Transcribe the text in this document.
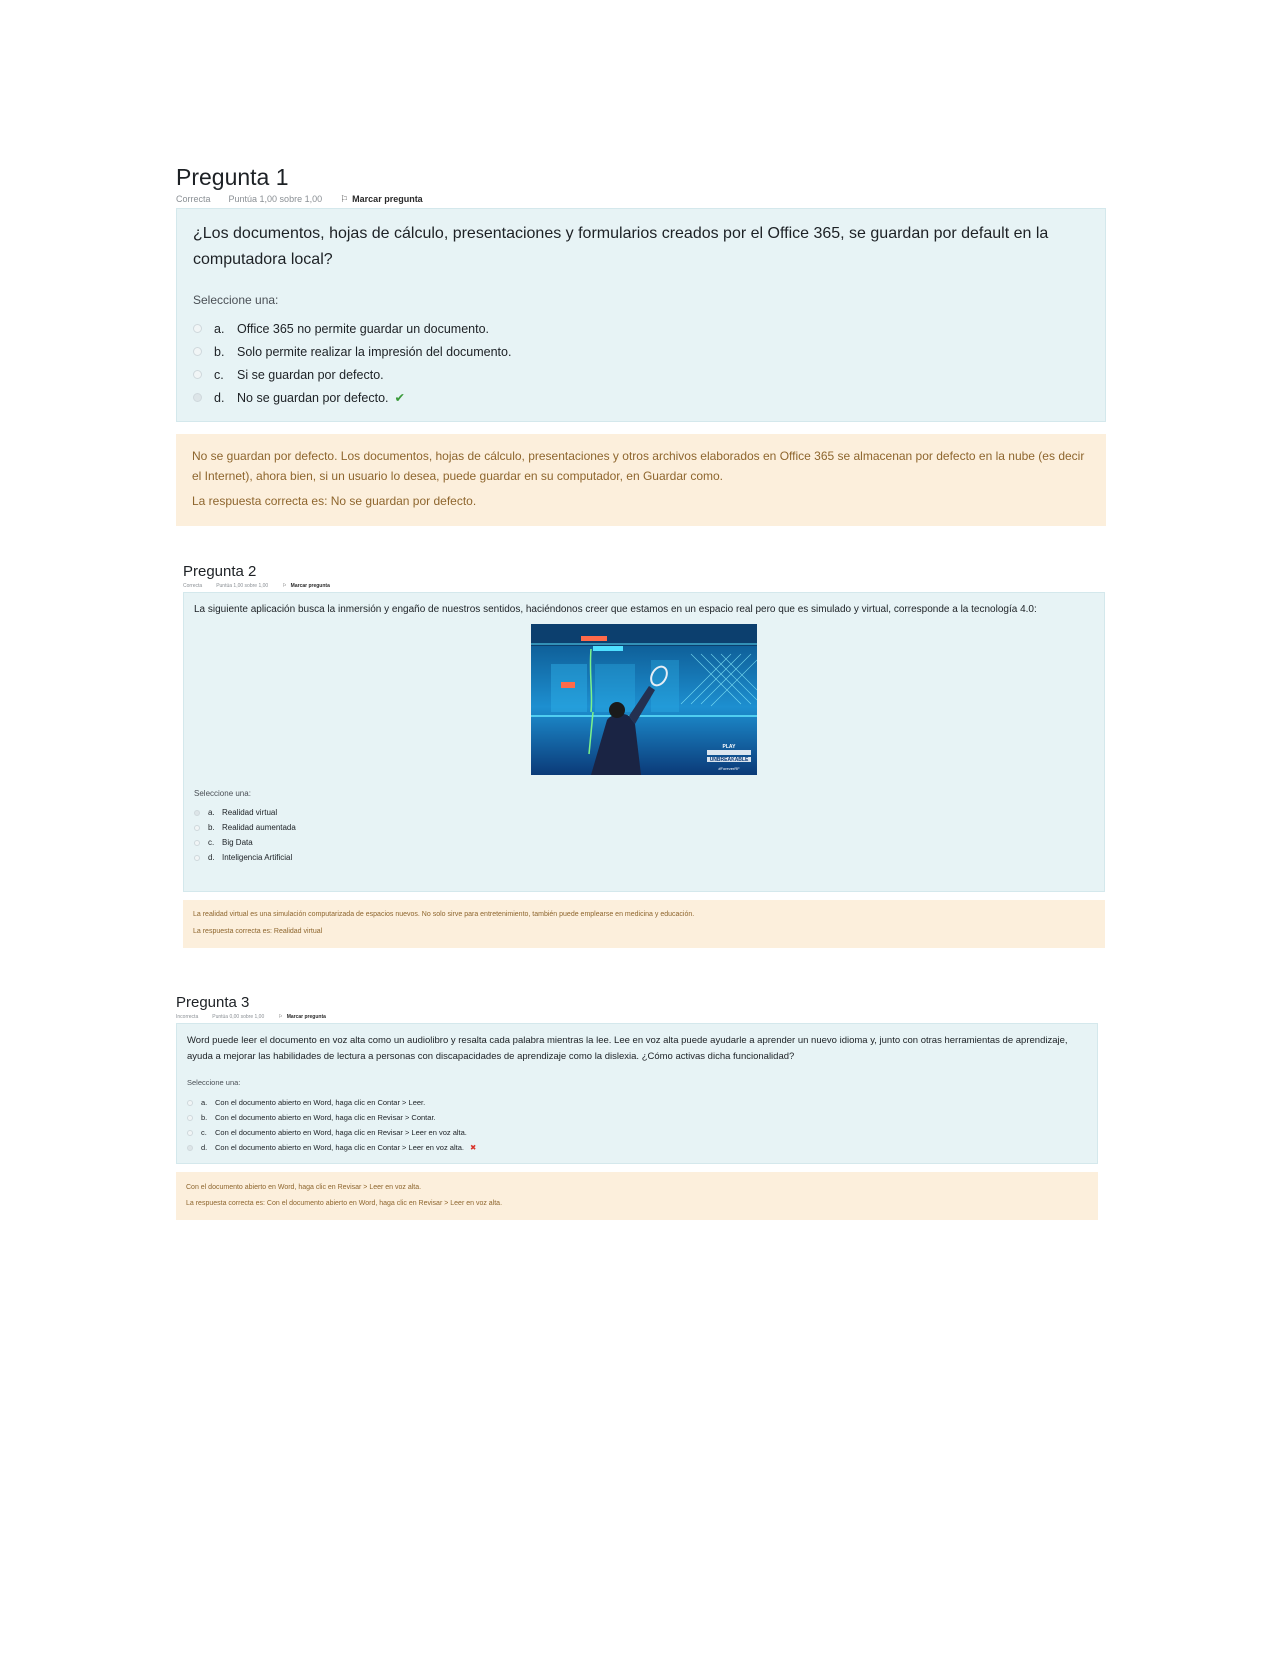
Pregunta 1
Correcta Puntúa 1,00 sobre 1,00 ⚐ Marcar pregunta

¿Los documentos, hojas de cálculo, presentaciones y formularios creados por el Office 365, se guardan por default en la computadora local?

Seleccione una:
a.	Office 365 no permite guardar un documento.
b.	Solo permite realizar la impresión del documento.
c.	Si se guardan por defecto.
d.	No se guardan por defecto. ✔

No se guardan por defecto. Los documentos, hojas de cálculo, presentaciones y otros archivos elaborados en Office 365 se almacenan por defecto en la nube (es decir el Internet), ahora bien, si un usuario lo desea, puede guardar en su computador, en Guardar como.

La respuesta correcta es: No se guardan por defecto.

Pregunta 2
Correcta	Puntúa 1,00 sobre 1,00	⚐ Marcar pregunta

La siguiente aplicación busca la inmersión y engaño de nuestros sentidos, haciéndonos creer que estamos en un espacio real pero que es simulado y virtual, corresponde a la tecnología 4.0:

PLAY
UNBREAKABLE
#ForeverRF
Seleccione una:
a. Realidad virtual
b. Realidad aumentada
c. Big Data
d. Inteligencia Artificial

La realidad virtual es una simulación computarizada de espacios nuevos. No solo sirve para entretenimiento, también puede emplearse en medicina y educación.

La respuesta correcta es: Realidad virtual

Pregunta 3
Incorrecta	Puntúa 0,00 sobre 1,00	⚐ Marcar pregunta

Word puede leer el documento en voz alta como un audiolibro y resalta cada palabra mientras la lee. Lee en voz alta puede ayudarle a aprender un nuevo idioma y, junto con otras herramientas de aprendizaje, ayuda a mejorar las habilidades de lectura a personas con discapacidades de aprendizaje como la dislexia. ¿Cómo activas dicha funcionalidad?

Seleccione una:
a.	Con el documento abierto en Word, haga clic en Contar > Leer.
b.	Con el documento abierto en Word, haga clic en Revisar > Contar.
c.	Con el documento abierto en Word, haga clic en Revisar > Leer en voz alta.
d.	Con el documento abierto en Word, haga clic en Contar > Leer en voz alta. ✖

Con el documento abierto en Word, haga clic en Revisar > Leer en voz alta.

La respuesta correcta es: Con el documento abierto en Word, haga clic en Revisar > Leer en voz alta.
